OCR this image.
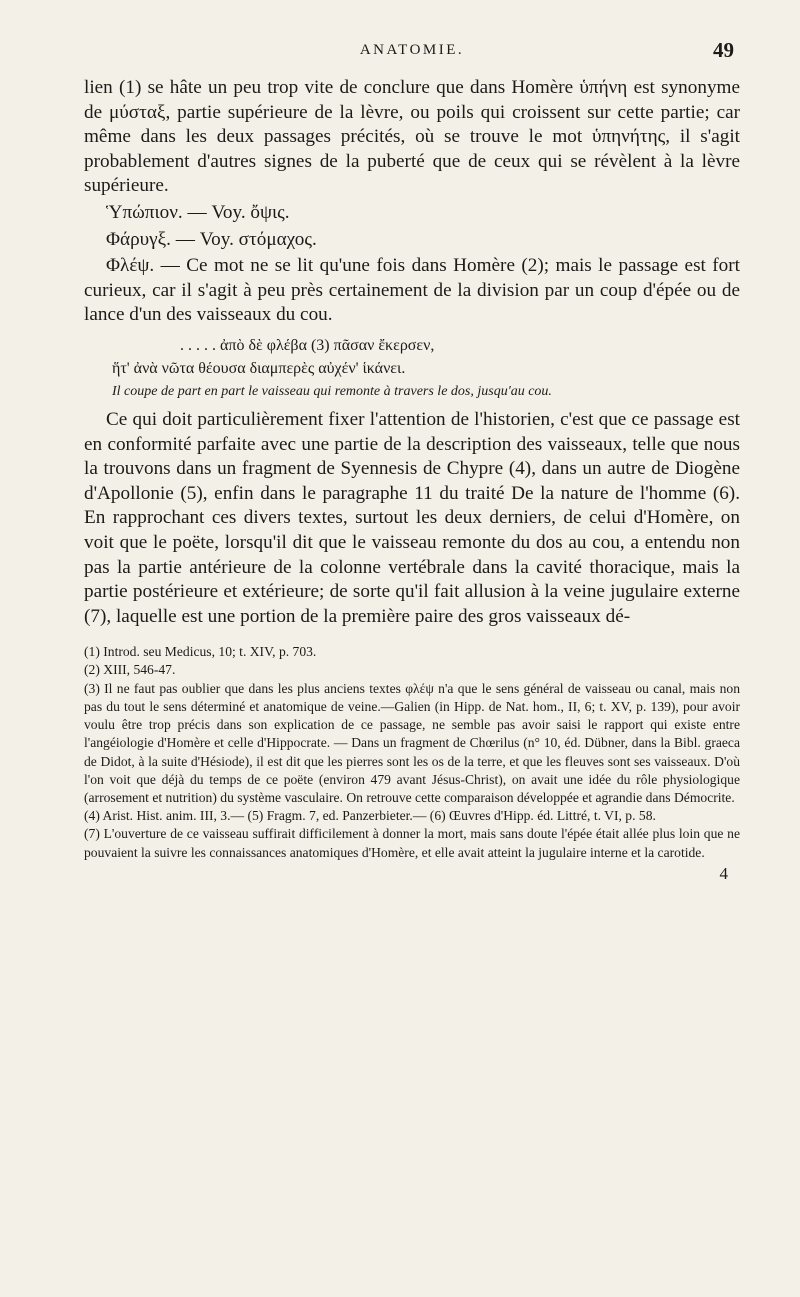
ANATOMIE.	49

lien (1) se hâte un peu trop vite de conclure que dans Homère ὑπήνη est synonyme de μύσταξ, partie supérieure de la lèvre, ou poils qui croissent sur cette partie; car même dans les deux passages précités, où se trouve le mot ὑπηνήτης, il s'agit probablement d'autres signes de la puberté que de ceux qui se révèlent à la lèvre supérieure.

Ὑπώπιον. — Voy. ὄψις.

Φάρυγξ. — Voy. στόμαχος.

Φλέψ. — Ce mot ne se lit qu'une fois dans Homère (2); mais le passage est fort curieux, car il s'agit à peu près certainement de la division par un coup d'épée ou de lance d'un des vaisseaux du cou.

. . . . . ἀπὸ δὲ φλέβα (3) πᾶσαν ἔκερσεν,
ἥτ' ἀνὰ νῶτα θέουσα διαμπερὲς αὐχέν' ἱκάνει.
Il coupe de part en part le vaisseau qui remonte à travers le dos, jusqu'au cou.

Ce qui doit particulièrement fixer l'attention de l'historien, c'est que ce passage est en conformité parfaite avec une partie de la description des vaisseaux, telle que nous la trouvons dans un fragment de Syennesis de Chypre (4), dans un autre de Diogène d'Apollonie (5), enfin dans le paragraphe 11 du traité De la nature de l'homme (6). En rapprochant ces divers textes, surtout les deux derniers, de celui d'Homère, on voit que le poëte, lorsqu'il dit que le vaisseau remonte du dos au cou, a entendu non pas la partie antérieure de la colonne vertébrale dans la cavité thoracique, mais la partie postérieure et extérieure; de sorte qu'il fait allusion à la veine jugulaire externe (7), laquelle est une portion de la première paire des gros vaisseaux dé-

(1) Introd. seu Medicus, 10; t. XIV, p. 703.

(2) XIII, 546-47.

(3) Il ne faut pas oublier que dans les plus anciens textes φλέψ n'a que le sens général de vaisseau ou canal, mais non pas du tout le sens déterminé et anatomique de veine.—Galien (in Hipp. de Nat. hom., II, 6; t. XV, p. 139), pour avoir voulu être trop précis dans son explication de ce passage, ne semble pas avoir saisi le rapport qui existe entre l'angéiologie d'Homère et celle d'Hippocrate. — Dans un fragment de Chœrilus (n° 10, éd. Dübner, dans la Bibl. graeca de Didot, à la suite d'Hésiode), il est dit que les pierres sont les os de la terre, et que les fleuves sont ses vaisseaux. D'où l'on voit que déjà du temps de ce poëte (environ 479 avant Jésus-Christ), on avait une idée du rôle physiologique (arrosement et nutrition) du système vasculaire. On retrouve cette comparaison développée et agrandie dans Démocrite.

(4) Arist. Hist. anim. III, 3.— (5) Fragm. 7, ed. Panzerbieter.— (6) Œuvres d'Hipp. éd. Littré, t. VI, p. 58.

(7) L'ouverture de ce vaisseau suffirait difficilement à donner la mort, mais sans doute l'épée était allée plus loin que ne pouvaient la suivre les connaissances anatomiques d'Homère, et elle avait atteint la jugulaire interne et la carotide.

4
